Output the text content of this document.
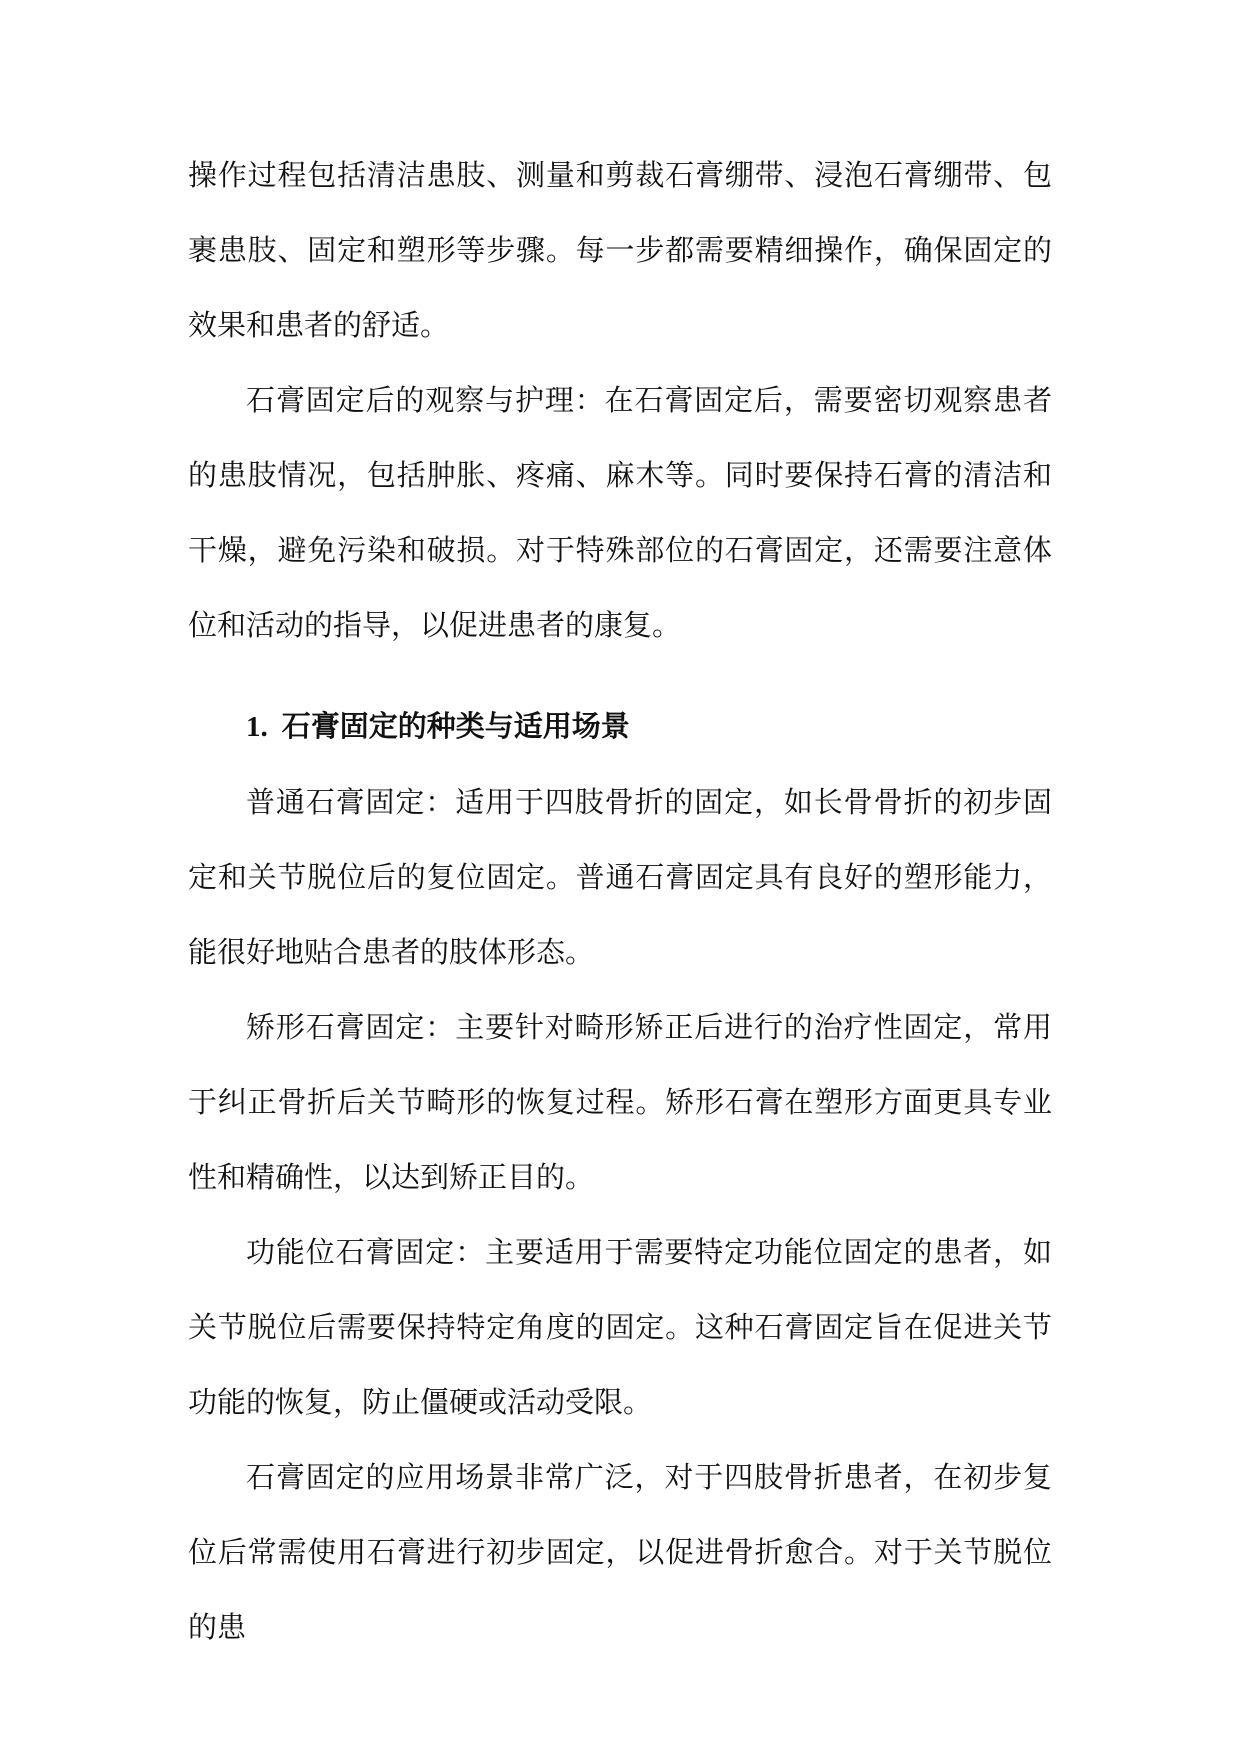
操作过程包括清洁患肢、测量和剪裁石膏绷带、浸泡石膏绷带、包裹患肢、固定和塑形等步骤。每一步都需要精细操作，确保固定的效果和患者的舒适。

石膏固定后的观察与护理：在石膏固定后，需要密切观察患者的患肢情况，包括肿胀、疼痛、麻木等。同时要保持石膏的清洁和干燥，避免污染和破损。对于特殊部位的石膏固定，还需要注意体位和活动的指导，以促进患者的康复。

1. 石膏固定的种类与适用场景

普通石膏固定：适用于四肢骨折的固定，如长骨骨折的初步固定和关节脱位后的复位固定。普通石膏固定具有良好的塑形能力，能很好地贴合患者的肢体形态。

矫形石膏固定：主要针对畸形矫正后进行的治疗性固定，常用于纠正骨折后关节畸形的恢复过程。矫形石膏在塑形方面更具专业性和精确性，以达到矫正目的。

功能位石膏固定：主要适用于需要特定功能位固定的患者，如关节脱位后需要保持特定角度的固定。这种石膏固定旨在促进关节功能的恢复，防止僵硬或活动受限。

石膏固定的应用场景非常广泛，对于四肢骨折患者，在初步复位后常需使用石膏进行初步固定，以促进骨折愈合。对于关节脱位的患
